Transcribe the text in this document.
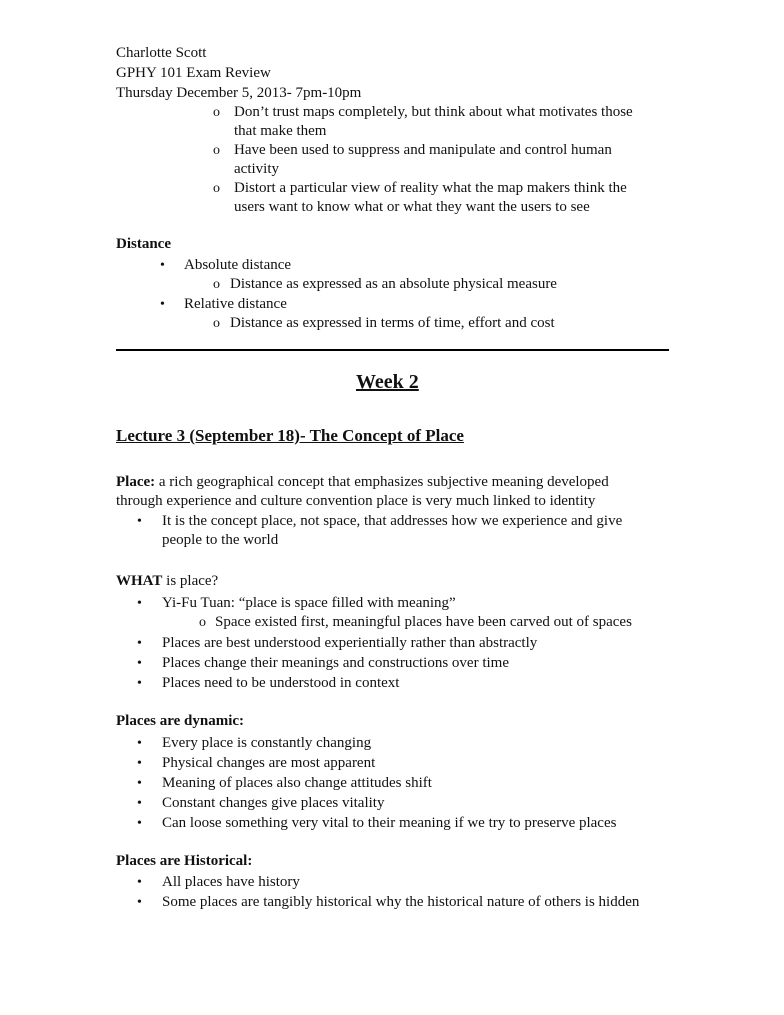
Charlotte Scott
GPHY 101 Exam Review
Thursday December 5, 2013- 7pm-10pm
o Don’t trust maps completely, but think about what motivates those
that make them
o Have been used to suppress and manipulate and control human
activity
o Distort a particular view of reality what the map makers think the
users want to know what or what they want the users to see
Distance
• Absolute distance
o Distance as expressed as an absolute physical measure
• Relative distance
o Distance as expressed in terms of time, effort and cost
Week 2
Lecture 3 (September 18)- The Concept of Place
Place: a rich geographical concept that emphasizes subjective meaning developed
through experience and culture convention place is very much linked to identity
• It is the concept place, not space, that addresses how we experience and give
people to the world
WHAT is place?
• Yi-Fu Tuan: “place is space filled with meaning”
o Space existed first, meaningful places have been carved out of spaces
• Places are best understood experientially rather than abstractly
• Places change their meanings and constructions over time
• Places need to be understood in context
Places are dynamic:
• Every place is constantly changing
• Physical changes are most apparent
• Meaning of places also change attitudes shift
• Constant changes give places vitality
• Can loose something very vital to their meaning if we try to preserve places
Places are Historical:
• All places have history
• Some places are tangibly historical why the historical nature of others is hidden
